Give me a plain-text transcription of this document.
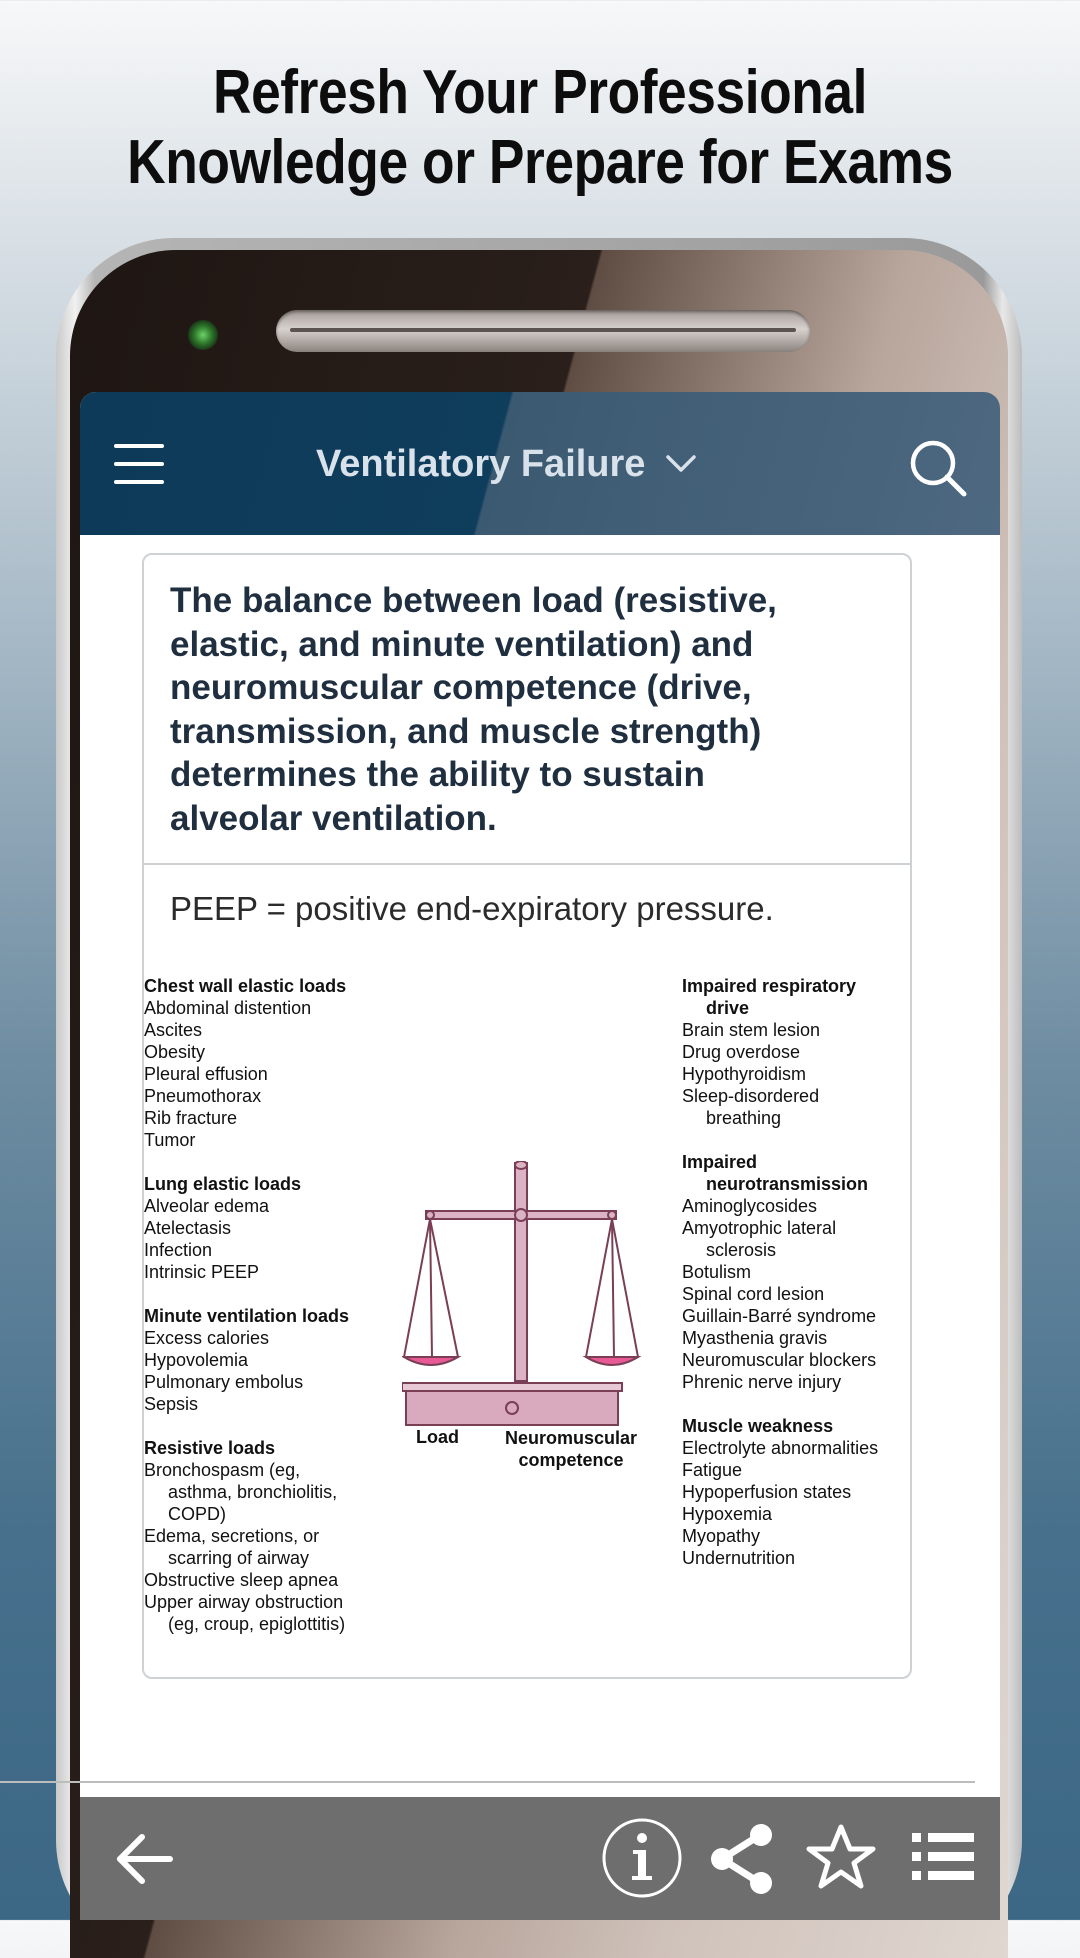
Refresh Your Professional
Knowledge or Prepare for Exams
Ventilatory Failure
The balance between load (resistive,
elastic, and minute ventilation) and
neuromuscular competence (drive,
transmission, and muscle strength)
determines the ability to sustain
alveolar ventilation.
PEEP = positive end-expiratory pressure.
Chest wall elastic loads
Abdominal distention
Ascites
Obesity
Pleural effusion
Pneumothorax
Rib fracture
Tumor
Lung elastic loads
Alveolar edema
Atelectasis
Infection
Intrinsic PEEP
Minute ventilation loads
Excess calories
Hypovolemia
Pulmonary embolus
Sepsis
Resistive loads
Bronchospasm (eg,
asthma, bronchiolitis,
COPD)
Edema, secretions, or
scarring of airway
Obstructive sleep apnea
Upper airway obstruction
(eg, croup, epiglottitis)
Load	Neuromuscular
competence
Impaired respiratory
drive
Brain stem lesion
Drug overdose
Hypothyroidism
Sleep-disordered
breathing
Impaired
neurotransmission
Aminoglycosides
Amyotrophic lateral
sclerosis
Botulism
Spinal cord lesion
Guillain-Barré syndrome
Myasthenia gravis
Neuromuscular blockers
Phrenic nerve injury
Muscle weakness
Electrolyte abnormalities
Fatigue
Hypoperfusion states
Hypoxemia
Myopathy
Undernutrition
